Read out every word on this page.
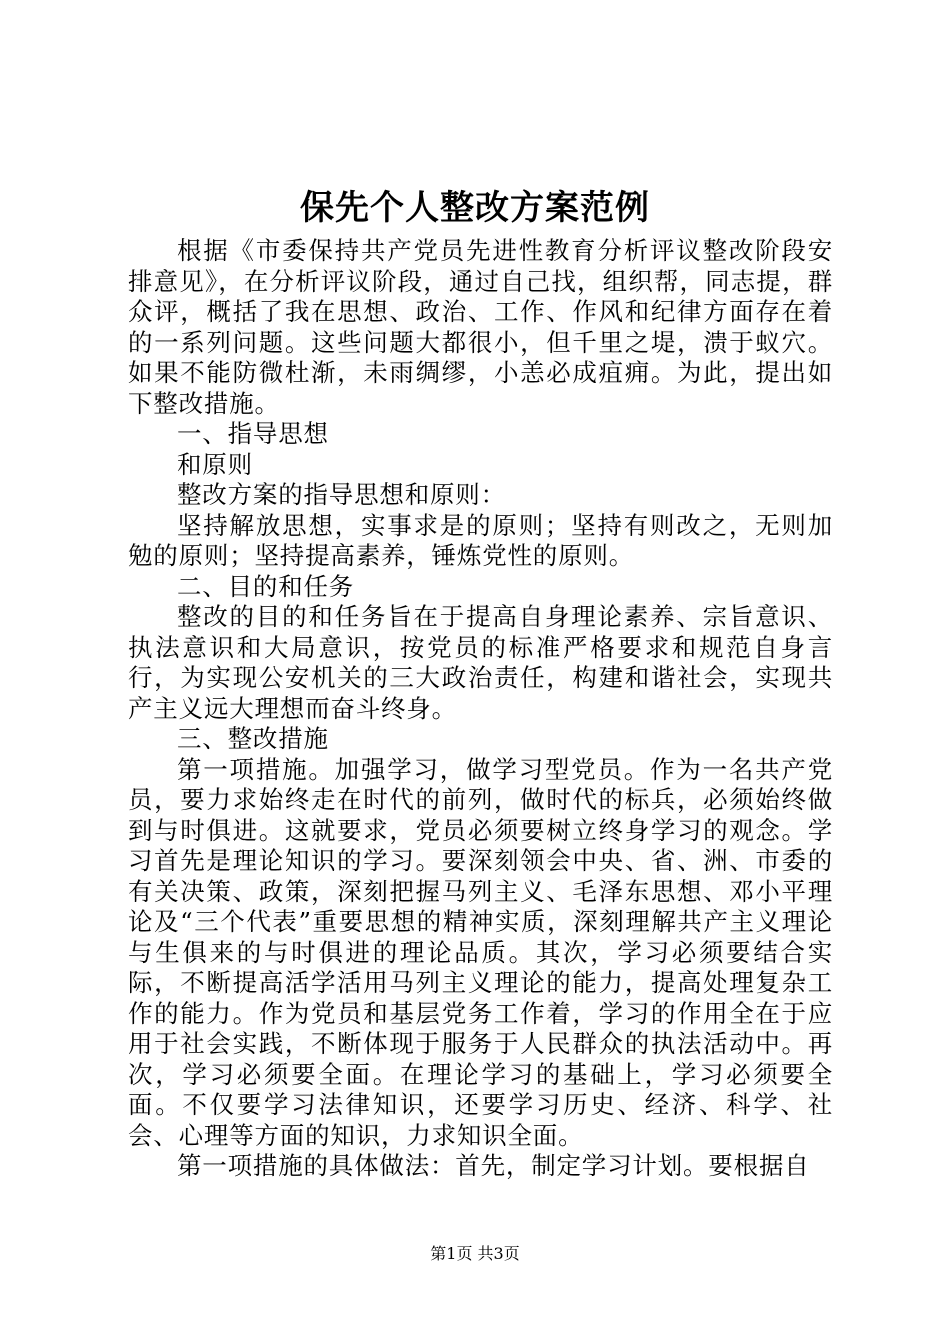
保先个人整改方案范例

根据《市委保持共产党员先进性教育分析评议整改阶段安排意见》，在分析评议阶段，通过自己找，组织帮，同志提，群众评，概括了我在思想、政治、工作、作风和纪律方面存在着的一系列问题。这些问题大都很小，但千里之堤，溃于蚁穴。如果不能防微杜渐，未雨绸缪，小恙必成疽痈。为此，提出如下整改措施。

一、指导思想

和原则

整改方案的指导思想和原则：

坚持解放思想，实事求是的原则；坚持有则改之，无则加勉的原则；坚持提高素养，锤炼党性的原则。

二、目的和任务

整改的目的和任务旨在于提高自身理论素养、宗旨意识、执法意识和大局意识，按党员的标准严格要求和规范自身言行，为实现公安机关的三大政治责任，构建和谐社会，实现共产主义远大理想而奋斗终身。

三、整改措施

第一项措施。加强学习，做学习型党员。作为一名共产党员，要力求始终走在时代的前列，做时代的标兵，必须始终做到与时俱进。这就要求，党员必须要树立终身学习的观念。学习首先是理论知识的学习。要深刻领会中央、省、洲、市委的有关决策、政策，深刻把握马列主义、毛泽东思想、邓小平理论及“三个代表”重要思想的精神实质，深刻理解共产主义理论与生俱来的与时俱进的理论品质。其次，学习必须要结合实际，不断提高活学活用马列主义理论的能力，提高处理复杂工作的能力。作为党员和基层党务工作着，学习的作用全在于应用于社会实践，不断体现于服务于人民群众的执法活动中。再次，学习必须要全面。在理论学习的基础上，学习必须要全面。不仅要学习法律知识，还要学习历史、经济、科学、社会、心理等方面的知识，力求知识全面。

第一项措施的具体做法：首先，制定学习计划。要根据自

第1页 共3页
